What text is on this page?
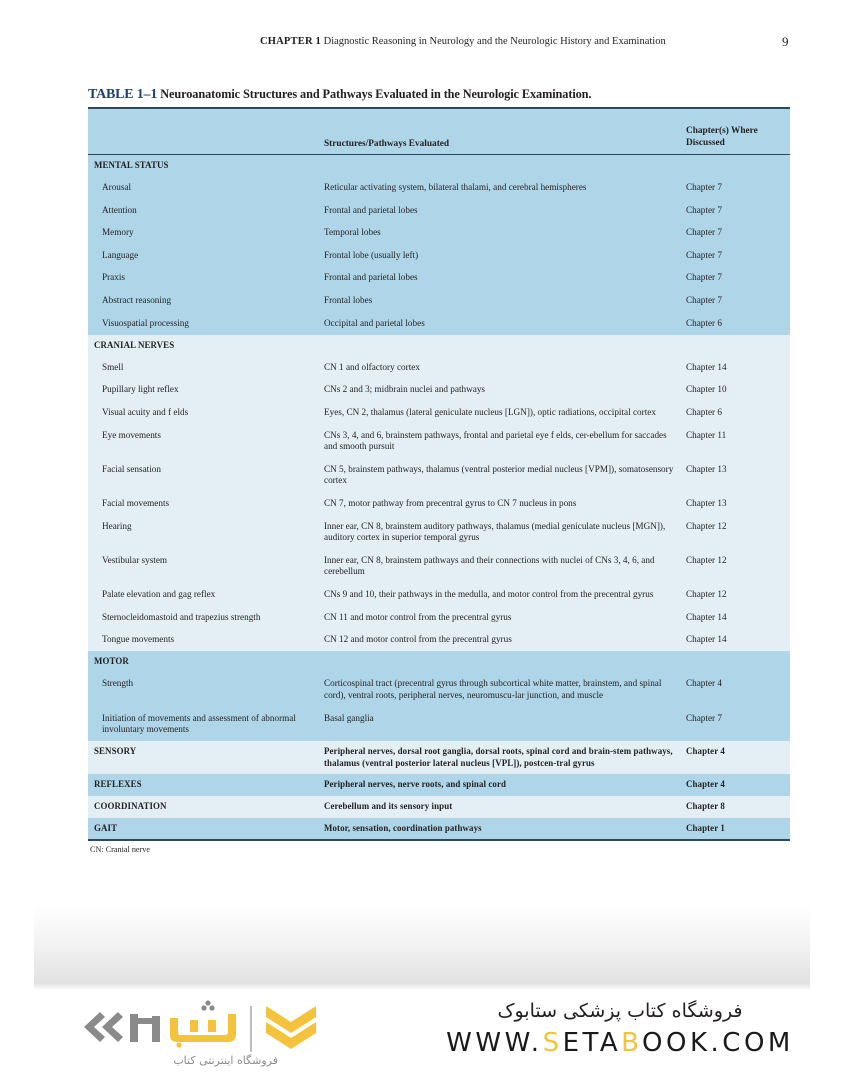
CHAPTER 1 Diagnostic Reasoning in Neurology and the Neurologic History and Examination	9
TABLE 1–1 Neuroanatomic Structures and Pathways Evaluated in the Neurologic Examination.
	Structures/Pathways Evaluated	Chapter(s) Where
Discussed

MENTAL STATUS		
Arousal	Reticular activating system, bilateral thalami, and cerebral hemispheres	Chapter 7
Attention	Frontal and parietal lobes	Chapter 7
Memory	Temporal lobes	Chapter 7
Language	Frontal lobe (usually left)	Chapter 7
Praxis	Frontal and parietal lobes	Chapter 7
Abstract reasoning	Frontal lobes	Chapter 7
Visuospatial processing	Occipital and parietal lobes	Chapter 6
CRANIAL NERVES		
Smell	CN 1 and olfactory cortex	Chapter 14
Pupillary light reflex	CNs 2 and 3; midbrain nuclei and pathways	Chapter 10
Visual acuity and f elds	Eyes, CN 2, thalamus (lateral geniculate nucleus [LGN]), optic radiations, occipital cortex	Chapter 6
Eye movements	CNs 3, 4, and 6, brainstem pathways, frontal and parietal eye f elds, cer-ebellum for saccades and smooth pursuit	Chapter 11
Facial sensation	CN 5, brainstem pathways, thalamus (ventral posterior medial nucleus [VPM]), somatosensory cortex	Chapter 13
Facial movements	CN 7, motor pathway from precentral gyrus to CN 7 nucleus in pons	Chapter 13
Hearing	Inner ear, CN 8, brainstem auditory pathways, thalamus (medial geniculate nucleus [MGN]), auditory cortex in superior temporal gyrus	Chapter 12
Vestibular system	Inner ear, CN 8, brainstem pathways and their connections with nuclei of CNs 3, 4, 6, and cerebellum	Chapter 12
Palate elevation and gag reflex	CNs 9 and 10, their pathways in the medulla, and motor control from the precentral gyrus	Chapter 12
Sternocleidomastoid and trapezius strength	CN 11 and motor control from the precentral gyrus	Chapter 14
Tongue movements	CN 12 and motor control from the precentral gyrus	Chapter 14
MOTOR		
Strength	Corticospinal tract (precentral gyrus through subcortical white matter, brainstem, and spinal cord), ventral roots, peripheral nerves, neuromuscu-lar junction, and muscle	Chapter 4
Initiation of movements and assessment of abnormal involuntary movements	Basal ganglia	Chapter 7
SENSORY	Peripheral nerves, dorsal root ganglia, dorsal roots, spinal cord and brain-stem pathways, thalamus (ventral posterior lateral nucleus [VPL]), postcen-tral gyrus	Chapter 4
REFLEXES	Peripheral nerves, nerve roots, and spinal cord	Chapter 4
COORDINATION	Cerebellum and its sensory input	Chapter 8
GAIT	Motor, sensation, coordination pathways	Chapter 1
CN: Cranial nerve
فروشگاه اینترنتی کتاب
فروشگاه کتاب پزشکی ستابوک
WWW.SETABOOK.COM
